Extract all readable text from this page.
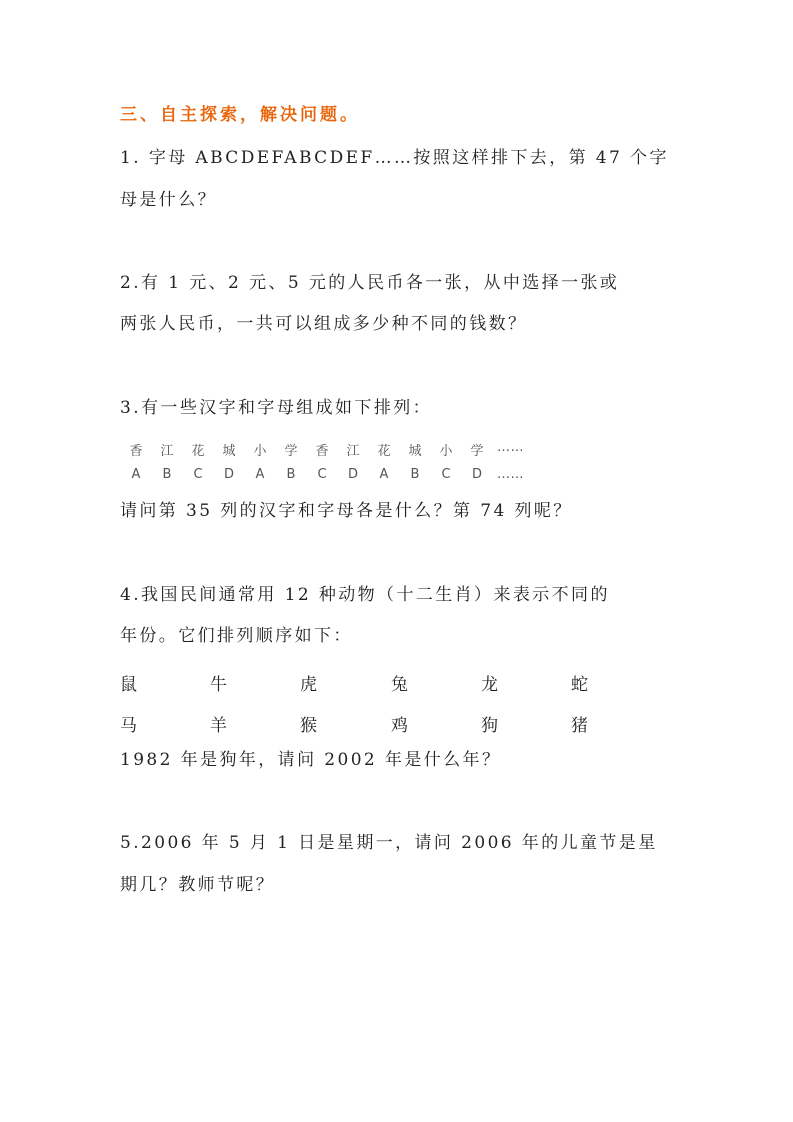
三、自主探索，解决问题。
1. 字母 ABCDEFABCDEF……按照这样排下去，第 47 个字
母是什么？
2.有 1 元、2 元、5 元的人民币各一张，从中选择一张或
两张人民币，一共可以组成多少种不同的钱数？
3.有一些汉字和字母组成如下排列：
香 江 花 城 小 学 香 江 花 城 小 学 ……
A	B	C	D	A	B	C	D	A	B	C	D	……
请问第 35 列的汉字和字母各是什么？第 74 列呢？
4.我国民间通常用 12 种动物（十二生肖）来表示不同的
年份。它们排列顺序如下：
鼠	牛	虎	兔	龙	蛇
马	羊	猴	鸡	狗	猪
1982 年是狗年，请问 2002 年是什么年？
5.2006 年 5 月 1 日是星期一，请问 2006 年的儿童节是星
期几？教师节呢？
